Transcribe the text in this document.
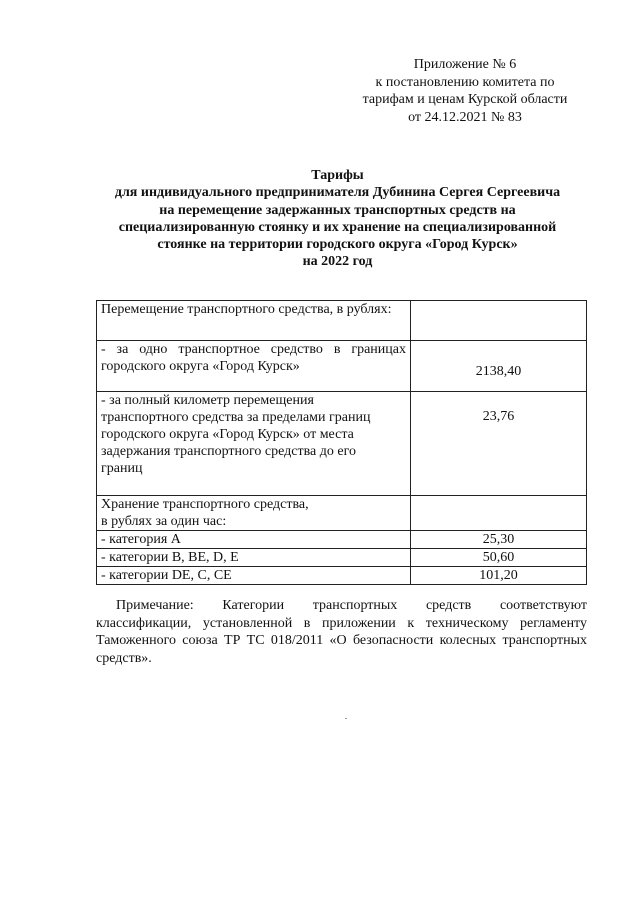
Приложение № 6
к постановлению комитета по
тарифам и ценам Курской области
от 24.12.2021 № 83
Тарифы
для индивидуального предпринимателя Дубинина Сергея Сергеевича
на перемещение задержанных транспортных средств на
специализированную стоянку и их хранение на специализированной
стоянке на территории городского округа «Город Курск»
на 2022 год
Перемещение транспортного средства, в рублях:	

- за одно транспортное средство в границах
городского округа «Город Курск»	2138,40

- за полный километр перемещения
транспортного средства за пределами границ
городского округа «Город Курск» от места
задержания транспортного средства до его
границ	23,76

Хранение транспортного средства,
в рублях за один час:	

- категория А	25,30

- категории B, BE, D, E	50,60

- категории DE, C, CE	101,20
Примечание: Категории транспортных средств соответствуют
классификации, установленной в приложении к техническому регламенту
Таможенного союза ТР ТС 018/2011 «О безопасности колесных транспортных
средств».
